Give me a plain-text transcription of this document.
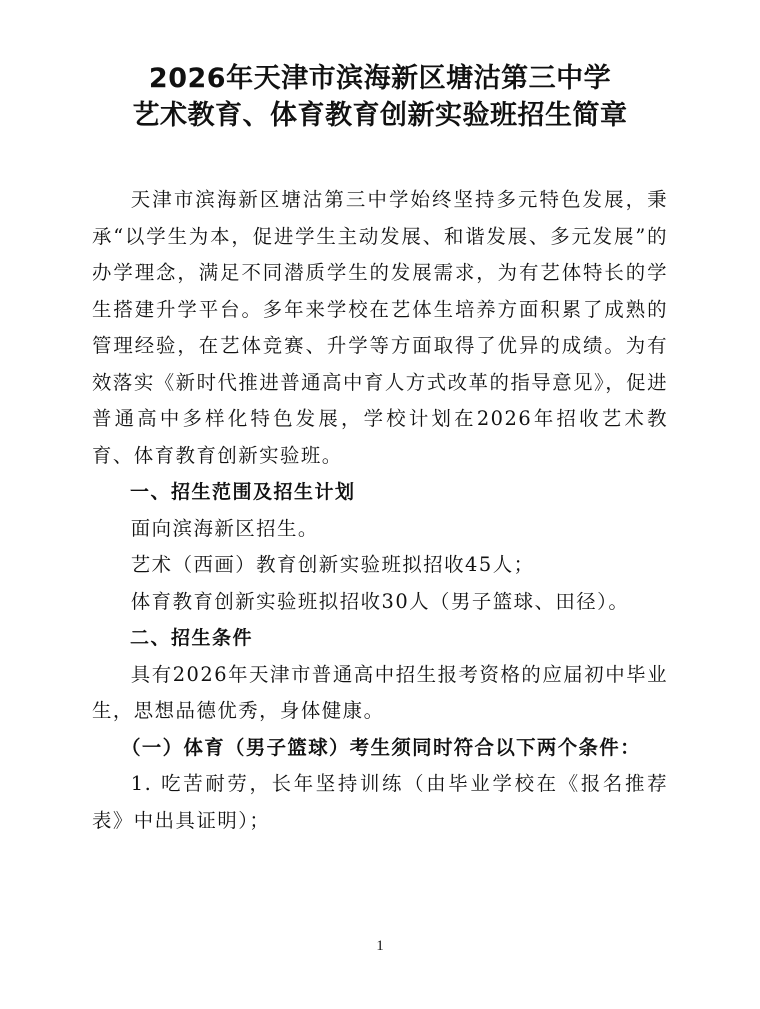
2026年天津市滨海新区塘沽第三中学
艺术教育、体育教育创新实验班招生简章

天津市滨海新区塘沽第三中学始终坚持多元特色发展，秉承“以学生为本，促进学生主动发展、和谐发展、多元发展”的办学理念，满足不同潜质学生的发展需求，为有艺体特长的学生搭建升学平台。多年来学校在艺体生培养方面积累了成熟的管理经验，在艺体竞赛、升学等方面取得了优异的成绩。为有效落实《新时代推进普通高中育人方式改革的指导意见》，促进普通高中多样化特色发展，学校计划在2026年招收艺术教育、体育教育创新实验班。

一、招生范围及招生计划

面向滨海新区招生。

艺术（西画）教育创新实验班拟招收45人；

体育教育创新实验班拟招收30人（男子篮球、田径）。

二、招生条件

具有2026年天津市普通高中招生报考资格的应届初中毕业生，思想品德优秀，身体健康。

（一）体育（男子篮球）考生须同时符合以下两个条件：

1. 吃苦耐劳，长年坚持训练（由毕业学校在《报名推荐表》中出具证明）；

1
